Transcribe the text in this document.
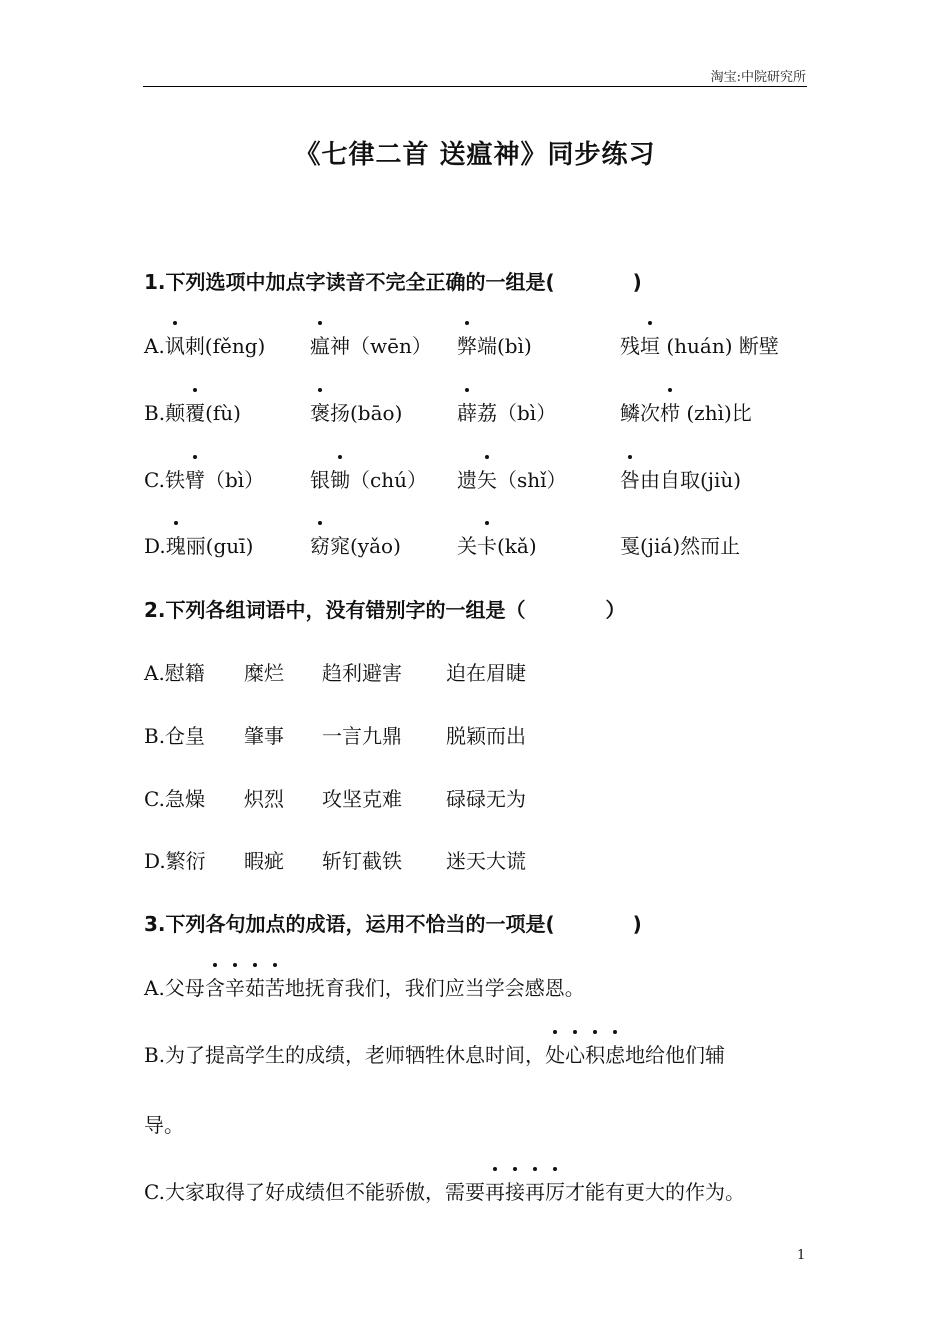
淘宝:中院研究所
《七律二首 送瘟神》同步练习
1.下列选项中加点字读音不完全正确的一组是(	)
A.讽刺(fěng) 瘟神（wēn） 弊端(bì)	残垣 (huán) 断壁
B.颠覆(fù)	褒扬(bāo)	薜荔（bì）	鳞次栉 (zhì)比
C.铁臂（bì） 银锄（chú） 遗矢（shǐ）	咎由自取(jiù)
D.瑰丽(guī)	窈窕(yǎo)	关卡(kǎ)	戛(jiá)然而止
2.下列各组词语中，没有错别字的一组是（	）
A.慰籍 糜烂 趋利避害 迫在眉睫
B.仓皇 肇事 一言九鼎 脱颖而出
C.急燥 炽烈 攻坚克难 碌碌无为
D.繁衍 暇疵 斩钉截铁 迷天大谎
3.下列各句加点的成语，运用不恰当的一项是(	)
A.父母含辛茹苦地抚育我们，我们应当学会感恩。
B.为了提高学生的成绩，老师牺牲休息时间，处心积虑地给他们辅
导。
C.大家取得了好成绩但不能骄傲，需要再接再厉才能有更大的作为。
1
